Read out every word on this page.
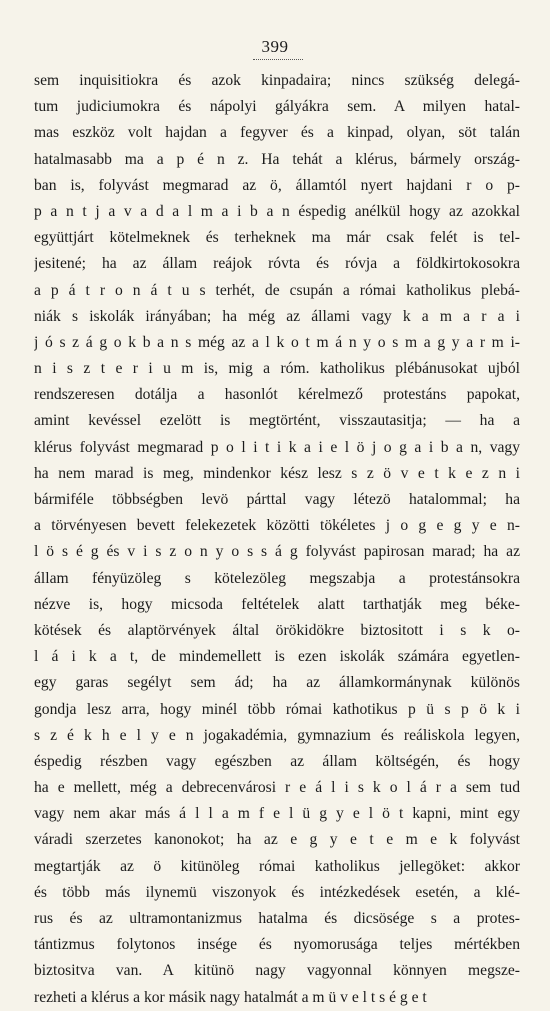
399
sem inquisitiokra és azok kinpadaira; nincs szükség delegá-
tum judiciumokra és nápolyi gályákra sem. A milyen hatal-
mas eszköz volt hajdan a fegyver és a kinpad, olyan, söt talán
hatalmasabb ma a p é n z. Ha tehát a klérus, bármely ország-
ban is, folyvást megmarad az ö, államtól nyert hajdani r o p-
p a n t j a v a d a l m a i b a n éspedig anélkül hogy az azokkal
együttjárt kötelmeknek és terheknek ma már csak felét is tel-
jesitené; ha az állam reájok róvta és róvja a földkirtokosokra
a p á t r o n á t u s terhét, de csupán a római katholikus plebá-
niák s iskolák irányában; ha még az állami vagy k a m a r a i
j ó s z á g o k b a n s még az a l k o t m á n y o s m a g y a r m i-
n i s z t e r i u m is, mig a róm. katholikus plébánusokat ujból
rendszeresen dotálja a hasonlót kérelmező protestáns papokat,
amint kevéssel ezelött is megtörtént, visszautasitja; — ha a
klérus folyvást megmarad p o l i t i k a i e l ö j o g a i b a n, vagy
ha nem marad is meg, mindenkor kész lesz s z ö v e t k e z n i
bármiféle többségben levö párttal vagy létezö hatalommal; ha
a törvényesen bevett felekezetek közötti tökéletes j o g e g y e n-
l ö s é g és v i s z o n y o s s á g folyvást papirosan marad; ha az
állam fényüzöleg s kötelezöleg megszabja a protestánsokra
nézve is, hogy micsoda feltételek alatt tarthatják meg béke-
kötések és alaptörvények által örökidökre biztositott i s k o-
l á i k a t, de mindemellett is ezen iskolák számára egyetlen-
egy garas segélyt sem ád; ha az államkormánynak különös
gondja lesz arra, hogy minél több római kathotikus p ü s p ö k i
s z é k h e l y e n jogakadémia, gymnazium és reáliskola legyen,
éspedig részben vagy egészben az állam költségén, és hogy
ha e mellett, még a debrecenvárosi r e á l i s k o l á r a sem tud
vagy nem akar más á l l a m f e l ü g y e l ö t kapni, mint egy
váradi szerzetes kanonokot; ha az e g y e t e m e k folyvást
megtartják az ö kitünöleg római katholikus jellegöket: akkor
és több más ilynemü viszonyok és intézkedések esetén, a klé-
rus és az ultramontanizmus hatalma és dicsösége s a protes-
tántizmus folytonos insége és nyomorusága teljes mértékben
biztositva van. A kitünö nagy vagyonnal könnyen megsze-
rezheti a klérus a kor másik nagy hatalmát a m ü v e l t s é g e t
